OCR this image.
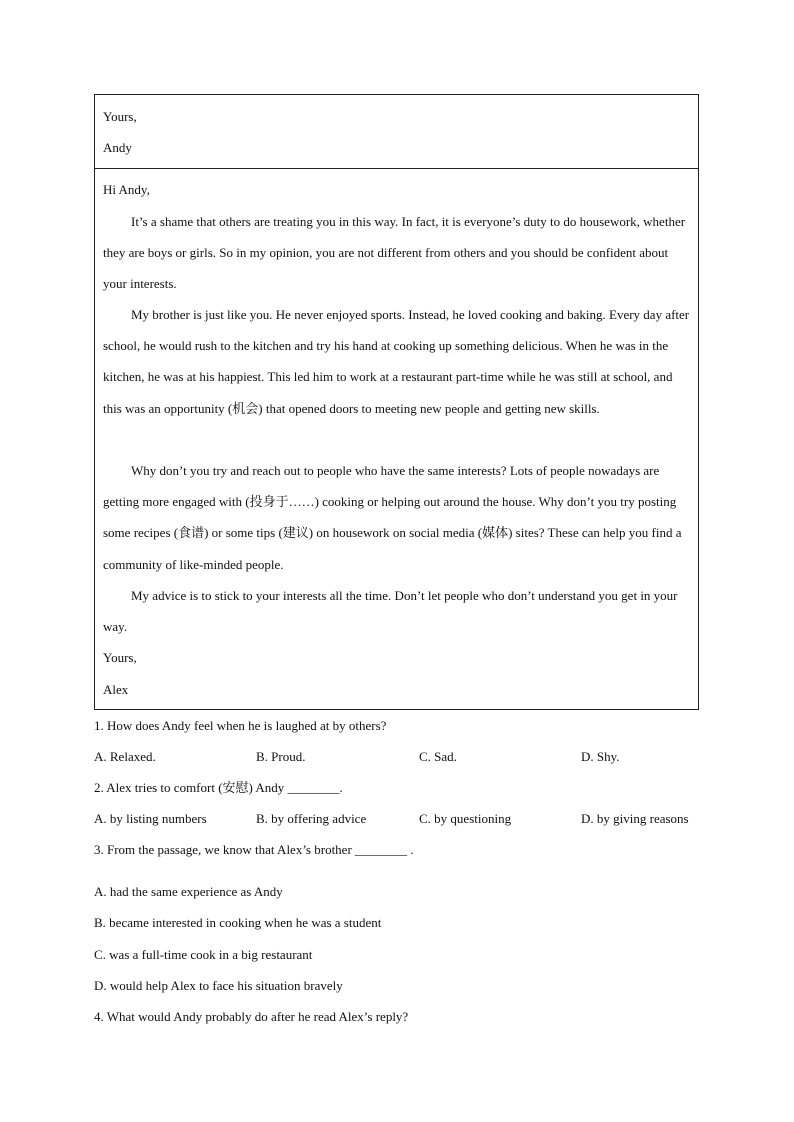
Yours,
Andy
Hi Andy,
It’s a shame that others are treating you in this way. In fact, it is everyone’s duty to do housework, whether they are boys or girls. So in my opinion, you are not different from others and you should be confident about your interests.
My brother is just like you. He never enjoyed sports. Instead, he loved cooking and baking. Every day after school, he would rush to the kitchen and try his hand at cooking up something delicious. When he was in the kitchen, he was at his happiest. This led him to work at a restaurant part-time while he was still at school, and this was an opportunity (机会) that opened doors to meeting new people and getting new skills.
Why don’t you try and reach out to people who have the same interests? Lots of people nowadays are getting more engaged with (投身于……) cooking or helping out around the house. Why don’t you try posting some recipes (食谱) or some tips (建议) on housework on social media (媒体) sites? These can help you find a community of like-minded people.
My advice is to stick to your interests all the time. Don’t let people who don’t understand you get in your way.
Yours,
Alex
1. How does Andy feel when he is laughed at by others?
A. Relaxed.	B. Proud.	C. Sad.	D. Shy.
2. Alex tries to comfort (安慰) Andy ________.
A. by listing numbers	B. by offering advice	C. by questioning	D. by giving reasons
3. From the passage, we know that Alex’s brother ________ .
A. had the same experience as Andy
B. became interested in cooking when he was a student
C. was a full-time cook in a big restaurant
D. would help Alex to face his situation bravely
4. What would Andy probably do after he read Alex’s reply?
